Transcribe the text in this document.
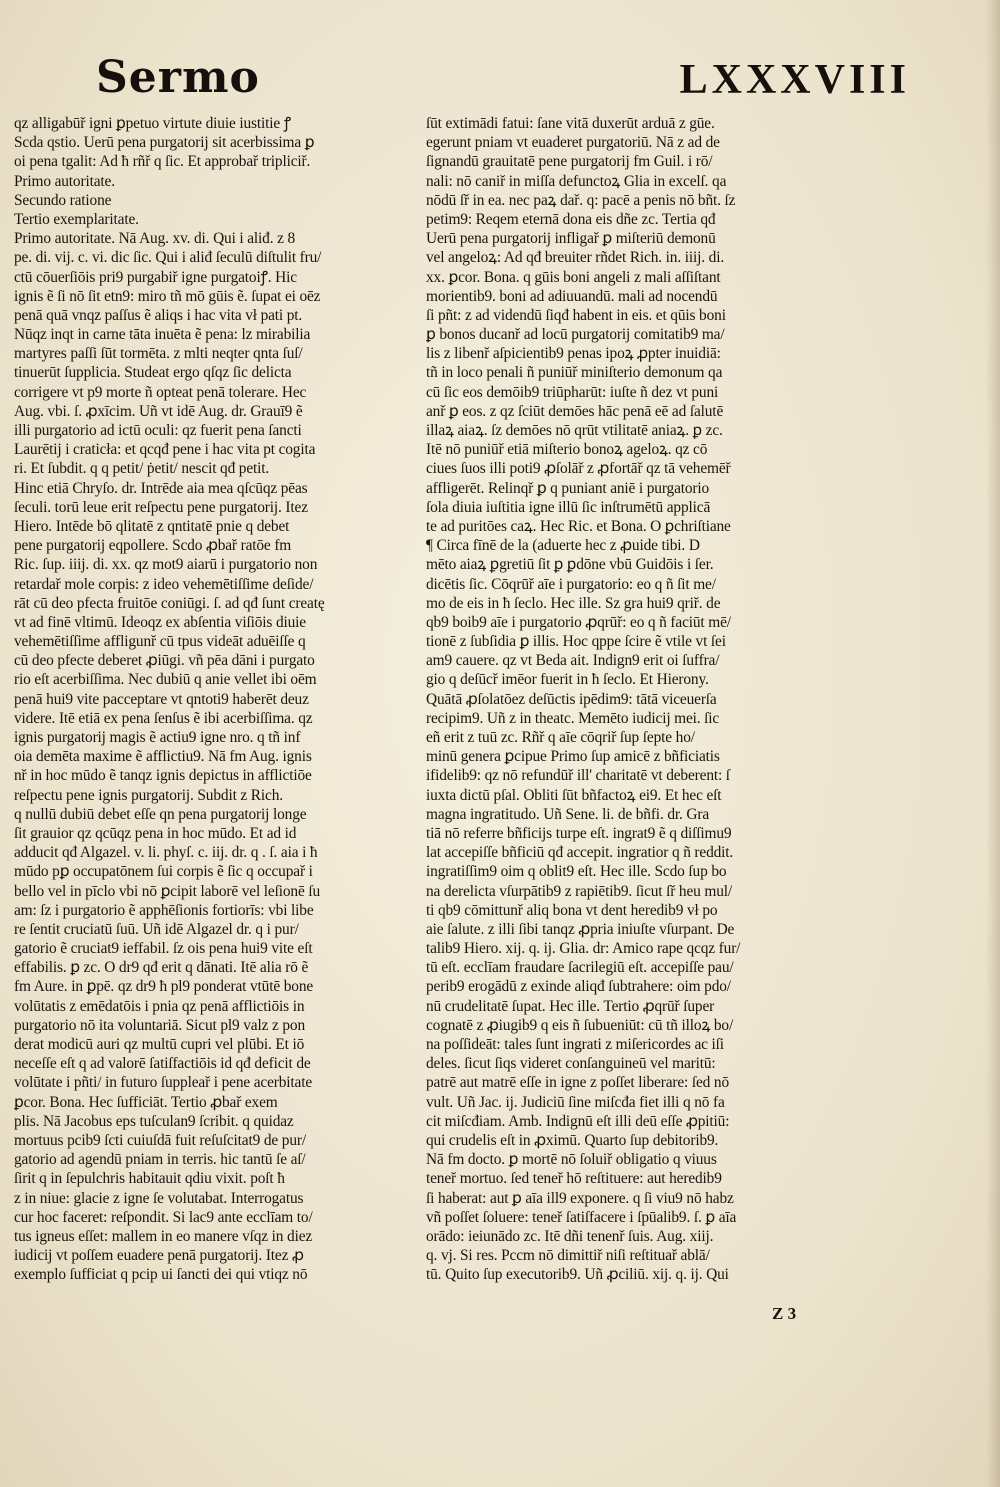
Sermo	LXXXVIII
qz alligabūř igni ꝑpetuo virtute diuie iustitie ꝭ
Scda qstio. Uerū pena purgatorij sit acerbissima ꝑ
oi pena tgalit: Ad ħ rñř q ſic. Et approbař tripliciř.
Primo autoritate.
Secundo ratione
Tertio exemplaritate.
Primo autoritate. Nā Aug. xv. di. Qui i aliđ. z 8
pe. di. vij. c. vi. dic ſic. Qui i aliđ ſeculū diſtulit fru/
ctū cōuerſiōis pri9 purgabiř igne purgatoiꝭ. Hic
ignis ẽ ſi nō ſit etn9: miro tñ mō gūis ẽ. ſupat ei oēz
penā quā vnqz paſſus ẽ aliqs i hac vita vł pati pt.
Nūqz inqt in carne tāta inuēta ẽ pena: lz mirabilia
martyres paſſi ſūt tormēta. z mlti neqter qnta ſuſ/
tinuerūt ſupplicia. Studeat ergo qſqz ſic delicta
corrigere vt p9 morte ñ opteat penā tolerare. Hec
Aug. vbi. ſ. ꝓxīcim. Uñ vt idē Aug. dr. Grauī9 ẽ
illi purgatorio ad ictū oculi: qz fuerit pena ſancti
Laurētij i craticła: et qcqđ pene i hac vita pt cogita
ri. Et ſubdit. q q petit/ ṗetit/ nescit qđ petit.
Hinc etiā Chryſo. dr. Intrēde aia mea qſcūqz pēas
ſeculi. torū leue erit reſpectu pene purgatorij. Itez
Hiero. Intēde bō qlitatē z qntitatē pnie q debet
pene purgatorij eqpollere. Scdo ꝓbař ratōe fm
Ric. ſup. iiij. di. xx. qz mot9 aiarū i purgatorio non
retardař mole corpis: z ideo vehemētiſſime deſide/
rāt cū deo pfecta fruitōe coniūgi. ſ. ad qđ ſunt creatę
vt ad finē vltimū. Ideoqz ex abſentia viſiōis diuie
vehemētiſſime affligunř cū tpus videāt aduēiſſe q
cū deo pfecte deberet ꝓiūgi. vñ pēa dāni i purgato
rio eſt acerbiſſima. Nec dubiū q anie vellet ibi oēm
penā hui9 vite pacceptare vt qntoti9 haberēt deuz
videre. Itē etiā ex pena ſenſus ẽ ibi acerbiſſima. qz
ignis purgatorij magis ẽ actiu9 igne nro. q tñ inf
oia demēta maxime ẽ afflictiu9. Nā fm Aug. ignis
nř in hoc mūdo ẽ tanqz ignis depictus in afflictiōe
reſpectu pene ignis purgatorij. Subdit z Rich.
q nullū dubiū debet eſſe qn pena purgatorij longe
ſit grauior qz qcūqz pena in hoc mūdo. Et ad id
adducit qđ Algazel. v. li. phyſ. c. iij. dr. q . ſ. aia i ħ
mūdo pꝑ occupatōnem ſui corpis ẽ ſic q occupař i
bello vel in pīclo vbi nō ꝑcipit laborē vel leſionē ſu
am: ſz i purgatorio ẽ apphēſionis fortiorīs: vbi libe
re ſentit cruciatū ſuū. Uñ idē Algazel dr. q i pur/
gatorio ẽ cruciat9 ieffabil. ſz ois pena hui9 vite eſt
effabilis. ꝑ zc. O dr9 qđ erit q dānati. Itē alia rō ẽ
fm Aure. in ꝑpē. qz dr9 ħ pl9 ponderat vtūtē bone
volūtatis z emēdatōis i pnia qz penā afflictiōis in
purgatorio nō ita voluntariā. Sicut pl9 valz z pon
derat modicū auri qz multū cupri vel plūbi. Et iō
neceſſe eſt q ad valorē ſatiſfactiōis id qđ deficit de
volūtate i pñti/ in futuro ſuppleař i pene acerbitate
ꝑcor. Bona. Hec ſufficiāt. Tertio ꝓbař exem
plis. Nā Jacobus eps tuſculan9 ſcribit. q quidaz
mortuus pcib9 ſcti cuiuſdā fuit reſuſcitat9 de pur/
gatorio ad agendū pniam in terris. hic tantū ſe aſ/
ſirit q in ſepulchris habitauit qdiu vixit. poſt ħ
z in niue: glacie z igne ſe volutabat. Interrogatus
cur hoc faceret: reſpondit. Si lac9 ante ecclīam to/
tus igneus eſſet: mallem in eo manere vſqz in diez
iudicij vt poſſem euadere penā purgatorij. Itez ꝓ
exemplo ſufficiat q pcip ui ſancti dei qui vtiqz nō
ſūt extimādi fatui: ſane vitā duxerūt arduā z gūe.
egerunt pniam vt euaderet purgatoriū. Nā z ad de
ſignandū grauitatē pene purgatorij fm Guil. i rō/
nali: nō caniř in miſſa defunctoꝝ Glia in excelſ. qa
nōdū ſř in ea. nec paꝝ dař. q: pacē a penis nō bñt. ſz
petim9: Reqem eternā dona eis dñe zc. Tertia qđ
Uerū pena purgatorij infligař ꝑ miſteriū demonū
vel angeloꝝ: Ad qđ breuiter rñdet Rich. in. iiij. di.
xx. ꝑcor. Bona. q gūis boni angeli z mali aſſiſtant
morientib9. boni ad adiuuandū. mali ad nocendū
ſi pñt: z ad videndū ſiqđ habent in eis. et qūis boni
ꝑ bonos ducanř ad locū purgatorij comitatib9 ma/
lis z libenř aſpicientib9 penas ipoꝝ ꝓpter inuidiā:
tñ in loco penali ñ puniūř miniſterio demonum qa
cū ſic eos demōib9 triūpharūt: iuſte ñ dez vt puni
anř ꝑ eos. z qz ſciūt demōes hāc penā eē ad ſalutē
illaꝝ aiaꝝ. ſz demōes nō qrūt vtilitatē aniaꝝ. ꝑ zc.
Itē nō puniūř etiā miſterio bonoꝝ ageloꝝ. qz cō
ciues ſuos illi poti9 ꝓſolāř z ꝓfortāř qz tā vehemēř
affligerēt. Relinqř ꝑ q puniant aniē i purgatorio
ſola diuia iuſtitia igne illū ſic inſtrumētū applicā
te ad puritōes caꝝ. Hec Ric. et Bona. O ꝑchriſtiane
¶ Circa fīnē de la (aduerte hec z ꝓuide tibi. D
mēto aiaꝝ ꝑgretiū ſit ꝑ ꝑdōne vbū Guidōis i ſer.
dicētis ſic. Cōqrūř aīe i purgatorio: eo q ñ ſit me/
mo de eis in ħ ſeclo. Hec ille. Sz gra hui9 qriř. de
qb9 boib9 aīe i purgatorio ꝓqrūř: eo q ñ faciūt mē/
tionē z ſubſidia ꝑ illis. Hoc qppe ſcire ẽ vtile vt ſei
am9 cauere. qz vt Beda ait. Indign9 erit oi ſuffra/
gio q deſūcř imēor fuerit in ħ ſeclo. Et Hierony.
Quātā ꝓſolatōez deſūctis ipēdim9: tātā viceuerſa
recipim9. Uñ z in theatc. Memēto iudicij mei. ſic
eñ erit z tuū zc. Rñř q aīe cōqriř ſup ſepte ho/
minū genera ꝑcipue Primo ſup amicē z bñficiatis
ifidelib9: qz nō refundūř ill' charitatē vt deberent: ſ
iuxta dictū pſal. Obliti ſūt bñfactoꝝ ei9. Et hec eſt
magna ingratitudo. Uñ Sene. li. de bñfi. dr. Gra
tiā nō referre bñficijs turpe eſt. ingrat9 ẽ q diſſimu9
lat accepiſſe bñficiū qđ accepit. ingratior q ñ reddit.
ingratiſſim9 oim q oblit9 eſt. Hec ille. Scdo ſup bo
na derelicta vſurpātib9 z rapiētib9. ſicut ſř heu mul/
ti qb9 cōmittunř aliq bona vt dent heredib9 vł po
aie ſalute. z illi ſibi tanqz ꝓpria iniuſte vſurpant. De
talib9 Hiero. xij. q. ij. Glia. dr: Amico rape qcqz fur/
tū eſt. ecclīam fraudare ſacrilegiū eſt. accepiſſe pau/
perib9 erogādū z exinde aliqđ ſubtrahere: oim pdo/
nū crudelitatē ſupat. Hec ille. Tertio ꝓqrūř ſuper
cognatē z ꝓiugib9 q eis ñ ſubueniūt: cū tñ illoꝝ bo/
na poſſideāt: tales ſunt ingrati z miſericordes ac iſi
deles. ſicut ſiqs videret conſanguineū vel maritū:
patrē aut matrē eſſe in igne z poſſet liberare: ſed nō
vult. Uñ Jac. ij. Judiciū ſine miſcđa fiet illi q nō fa
cit miſcđiam. Amb. Indignū eſt illi deū eſſe ꝓpitiū:
qui crudelis eſt in ꝓximū. Quarto ſup debitorib9.
Nā fm docto. ꝑ mortē nō ſoluiř obligatio q viuus
teneř mortuo. ſed teneř hō reſtituere: aut heredib9
ſi haberat: aut ꝑ aīa ill9 exponere. q ſi viu9 nō habz
vñ poſſet ſoluere: teneř ſatiſfacere i ſpūalib9. ſ. ꝑ aīa
orādo: ieiunādo zc. Itē dñi tenenř ſuis. Aug. xiij.
q. vj. Si res. Pccm nō dimittiř niſi reſtituař ablā/
tū. Quito ſup executorib9. Uñ ꝓciliū. xij. q. ij. Qui
Z 3
